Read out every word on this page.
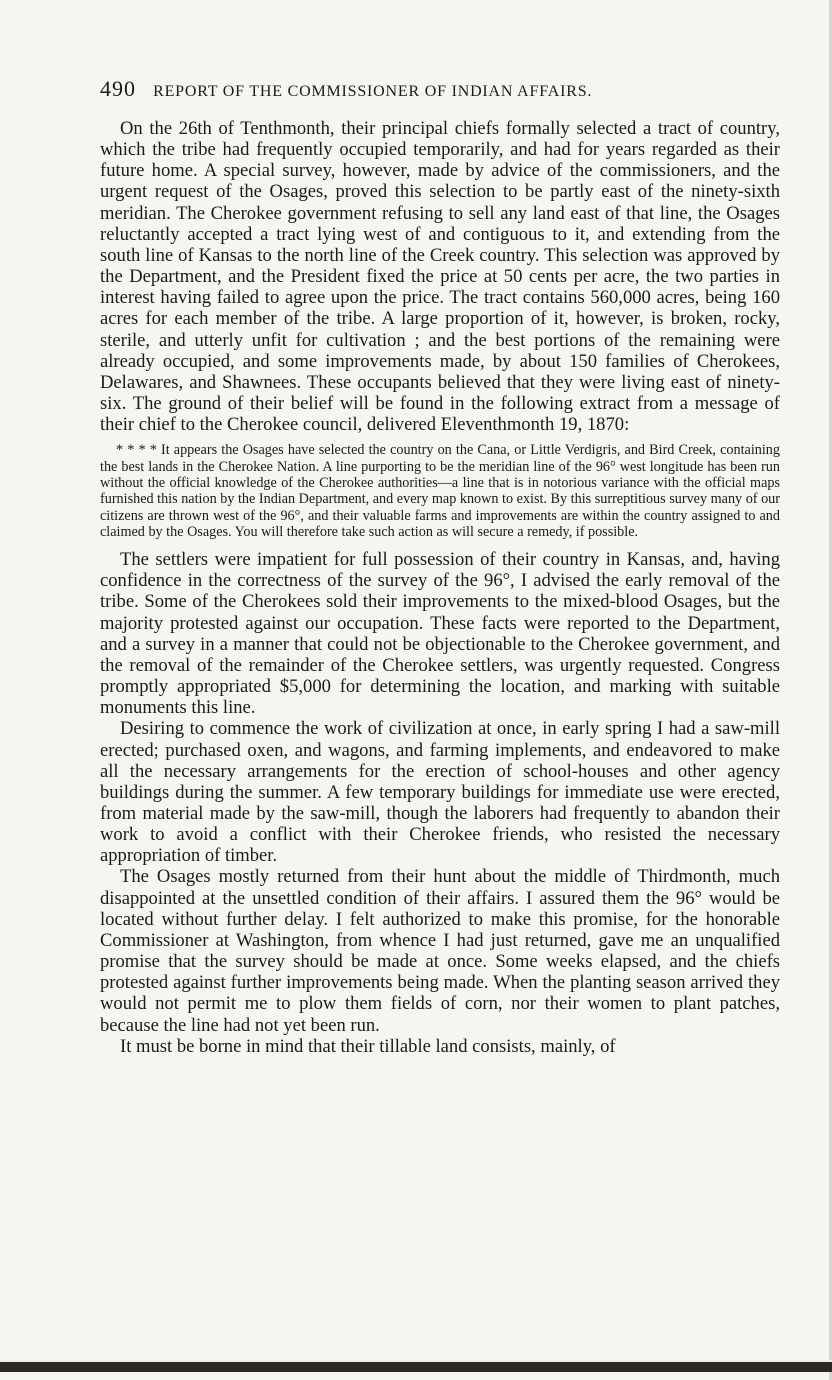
490 REPORT OF THE COMMISSIONER OF INDIAN AFFAIRS.

On the 26th of Tenthmonth, their principal chiefs formally selected a tract of country, which the tribe had frequently occupied temporarily, and had for years regarded as their future home. A special survey, however, made by advice of the commissioners, and the urgent request of the Osages, proved this selection to be partly east of the ninety-sixth meridian. The Cherokee government refusing to sell any land east of that line, the Osages reluctantly accepted a tract lying west of and contiguous to it, and extending from the south line of Kansas to the north line of the Creek country. This selection was approved by the Department, and the President fixed the price at 50 cents per acre, the two parties in interest having failed to agree upon the price. The tract contains 560,000 acres, being 160 acres for each member of the tribe. A large proportion of it, however, is broken, rocky, sterile, and utterly unfit for cultivation ; and the best portions of the remaining were already occupied, and some improvements made, by about 150 families of Cherokees, Delawares, and Shawnees. These occupants believed that they were living east of ninety-six. The ground of their belief will be found in the following extract from a message of their chief to the Cherokee council, delivered Eleventhmonth 19, 1870:

* * * * It appears the Osages have selected the country on the Cana, or Little Verdigris, and Bird Creek, containing the best lands in the Cherokee Nation. A line purporting to be the meridian line of the 96° west longitude has been run without the official knowledge of the Cherokee authorities—a line that is in notorious variance with the official maps furnished this nation by the Indian Department, and every map known to exist. By this surreptitious survey many of our citizens are thrown west of the 96°, and their valuable farms and improvements are within the country assigned to and claimed by the Osages. You will therefore take such action as will secure a remedy, if possible.

The settlers were impatient for full possession of their country in Kansas, and, having confidence in the correctness of the survey of the 96°, I advised the early removal of the tribe. Some of the Cherokees sold their improvements to the mixed-blood Osages, but the majority protested against our occupation. These facts were reported to the Department, and a survey in a manner that could not be objectionable to the Cherokee government, and the removal of the remainder of the Cherokee settlers, was urgently requested. Congress promptly appropriated $5,000 for determining the location, and marking with suitable monuments this line.

Desiring to commence the work of civilization at once, in early spring I had a saw-mill erected; purchased oxen, and wagons, and farming implements, and endeavored to make all the necessary arrangements for the erection of school-houses and other agency buildings during the summer. A few temporary buildings for immediate use were erected, from material made by the saw-mill, though the laborers had frequently to abandon their work to avoid a conflict with their Cherokee friends, who resisted the necessary appropriation of timber.

The Osages mostly returned from their hunt about the middle of Thirdmonth, much disappointed at the unsettled condition of their affairs. I assured them the 96° would be located without further delay. I felt authorized to make this promise, for the honorable Commissioner at Washington, from whence I had just returned, gave me an unqualified promise that the survey should be made at once. Some weeks elapsed, and the chiefs protested against further improvements being made. When the planting season arrived they would not permit me to plow them fields of corn, nor their women to plant patches, because the line had not yet been run.

It must be borne in mind that their tillable land consists, mainly, of
